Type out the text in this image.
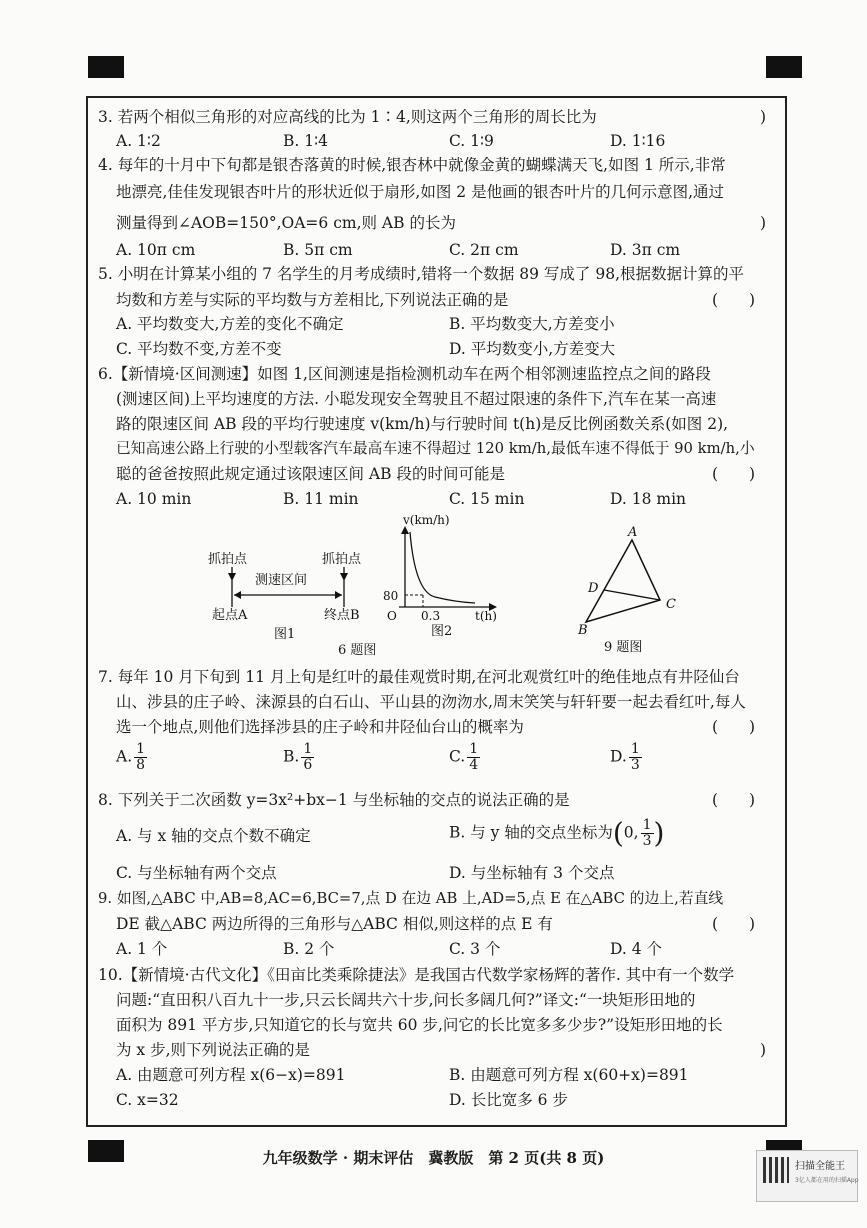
3. 若两个相似三角形的对应高线的比为 1∶4,则这两个三角形的周长比为	)
A. 1∶2	B. 1∶4	C. 1∶9	D. 1∶16
4. 每年的十月中下旬都是银杏落黄的时候,银杏林中就像金黄的蝴蝶满天飞,如图 1 所示,非常
地漂亮,佳佳发现银杏叶片的形状近似于扇形,如图 2 是他画的银杏叶片的几何示意图,通过
测量得到∠AOB=150°,OA=6 cm,则 AB 的长为	)
A. 10π cm	B. 5π cm	C. 2π cm	D. 3π cm
5. 小明在计算某小组的 7 名学生的月考成绩时,错将一个数据 89 写成了 98,根据数据计算的平
均数和方差与实际的平均数与方差相比,下列说法正确的是	(　　)
A. 平均数变大,方差的变化不确定	B. 平均数变大,方差变小
C. 平均数不变,方差不变	D. 平均数变小,方差变大
6.【新情境·区间测速】如图 1,区间测速是指检测机动车在两个相邻测速监控点之间的路段
(测速区间)上平均速度的方法. 小聪发现安全驾驶且不超过限速的条件下,汽车在某一高速
路的限速区间 AB 段的平均行驶速度 v(km/h)与行驶时间 t(h)是反比例函数关系(如图 2),
已知高速公路上行驶的小型载客汽车最高车速不得超过 120 km/h,最低车速不得低于 90 km/h,小
聪的爸爸按照此规定通过该限速区间 AB 段的时间可能是	(　　)
A. 10 min	B. 11 min	C. 15 min	D. 18 min
抓拍点	抓拍点
测速区间
起点A	终点B
图1
v(km/h)
80
O 0.3	t(h)
图2
6 题图
A
B
C
D
9 题图
7. 每年 10 月下旬到 11 月上旬是红叶的最佳观赏时期,在河北观赏红叶的绝佳地点有井陉仙台
山、涉县的庄子岭、涞源县的白石山、平山县的沕沕水,周末笑笑与轩轩要一起去看红叶,每人
选一个地点,则他们选择涉县的庄子岭和井陉仙台山的概率为	(　　)
A. $\frac{1}{8}$	B. $\frac{1}{6}$	C. $\frac{1}{4}$	D. $\frac{1}{3}$
8. 下列关于二次函数 y=3x²+bx−1 与坐标轴的交点的说法正确的是	(　　)
A. 与 x 轴的交点个数不确定	B. 与 y 轴的交点坐标为(0, $\frac{1}{3}$ )
C. 与坐标轴有两个交点	D. 与坐标轴有 3 个交点
9. 如图,△ABC 中,AB=8,AC=6,BC=7,点 D 在边 AB 上,AD=5,点 E 在△ABC 的边上,若直线
DE 截△ABC 两边所得的三角形与△ABC 相似,则这样的点 E 有	(　　)
A. 1 个	B. 2 个	C. 3 个	D. 4 个
10.【新情境·古代文化】《田亩比类乘除捷法》是我国古代数学家杨辉的著作. 其中有一个数学
问题:“直田积八百九十一步,只云长阔共六十步,问长多阔几何?”译文:“一块矩形田地的
面积为 891 平方步,只知道它的长与宽共 60 步,问它的长比宽多多少步?”设矩形田地的长
为 x 步,则下列说法正确的是	)
A. 由题意可列方程 x(6−x)=891	B. 由题意可列方程 x(60+x)=891
C. x=32	D. 长比宽多 6 步
九年级数学 · 期末评估　冀教版　第 2 页(共 8 页)	扫描全能王
3亿人都在用的扫描App
